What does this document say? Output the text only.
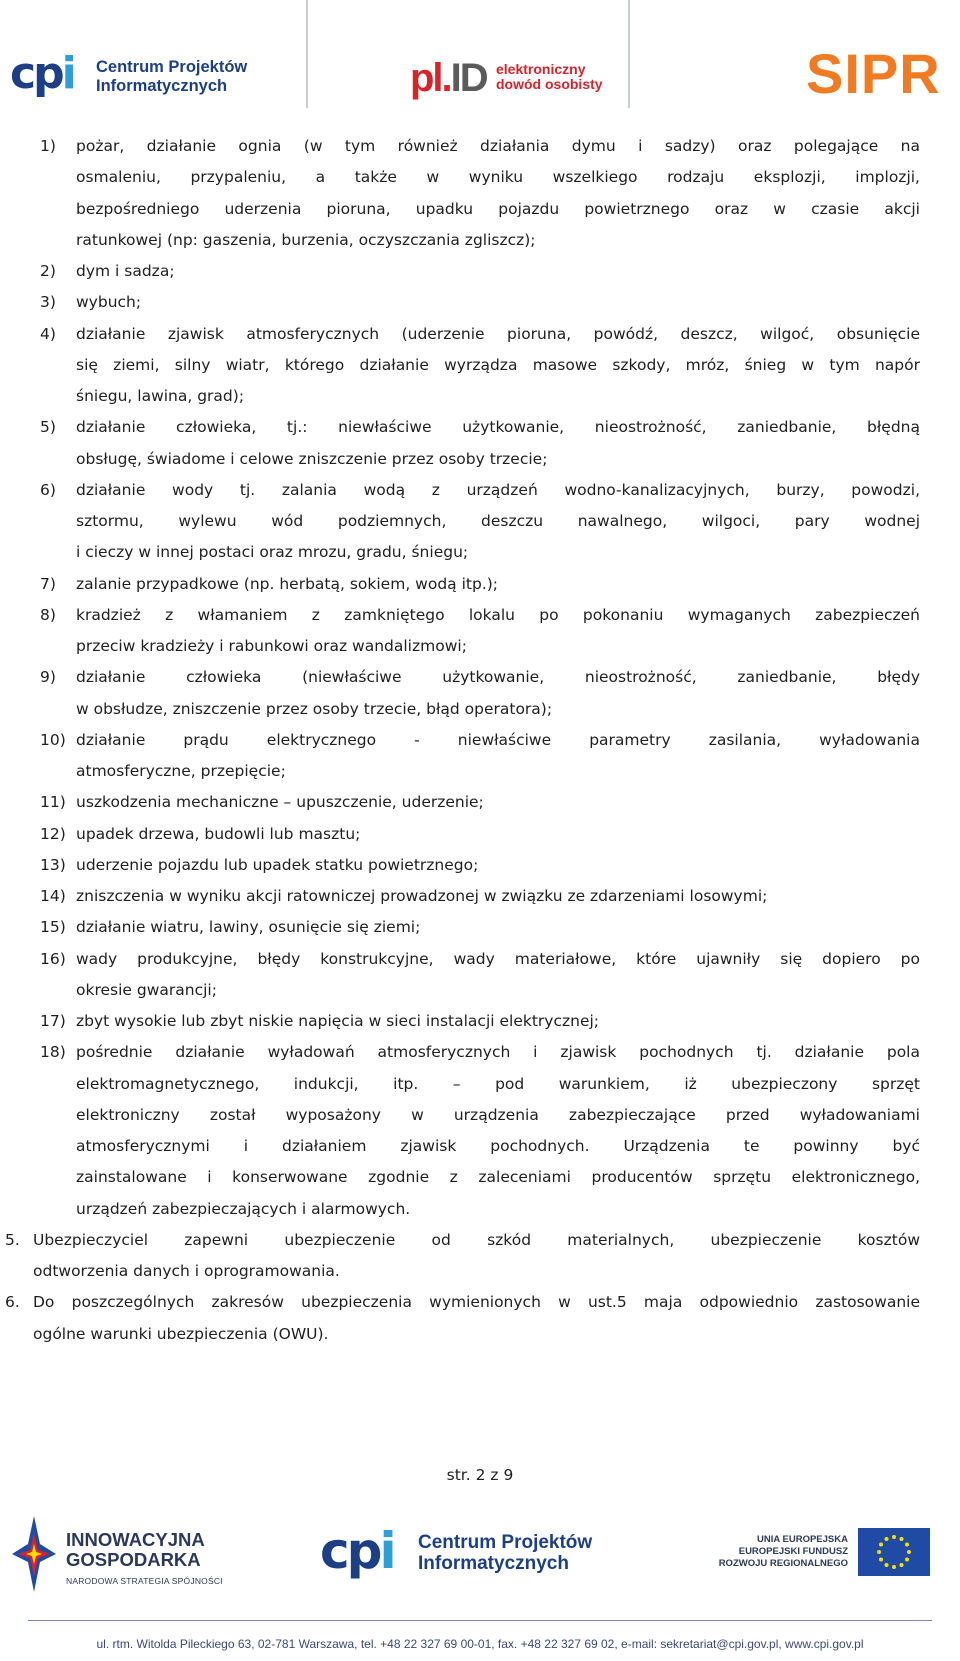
cpi Centrum Projektów Informatycznych	pl.ID elektroniczny dowód osobisty	SIPR
1) pożar, działanie ognia (w tym również działania dymu i sadzy) oraz polegające na
osmaleniu, przypaleniu, a także w wyniku wszelkiego rodzaju eksplozji, implozji,
bezpośredniego uderzenia pioruna, upadku pojazdu powietrznego oraz w czasie akcji
ratunkowej (np: gaszenia, burzenia, oczyszczania zgliszcz);
2) dym i sadza;
3) wybuch;
4) działanie zjawisk atmosferycznych (uderzenie pioruna, powódź, deszcz, wilgoć, obsunięcie
się ziemi, silny wiatr, którego działanie wyrządza masowe szkody, mróz, śnieg w tym napór
śniegu, lawina, grad);
5) działanie człowieka, tj.: niewłaściwe użytkowanie, nieostrożność, zaniedbanie, błędną
obsługę, świadome i celowe zniszczenie przez osoby trzecie;
6) działanie wody tj. zalania wodą z urządzeń wodno-kanalizacyjnych, burzy, powodzi,
sztormu, wylewu wód podziemnych, deszczu nawalnego, wilgoci, pary wodnej
i cieczy w innej postaci oraz mrozu, gradu, śniegu;
7) zalanie przypadkowe (np. herbatą, sokiem, wodą itp.);
8) kradzież z włamaniem z zamkniętego lokalu po pokonaniu wymaganych zabezpieczeń
przeciw kradzieży i rabunkowi oraz wandalizmowi;
9) działanie człowieka (niewłaściwe użytkowanie, nieostrożność, zaniedbanie, błędy
w obsłudze, zniszczenie przez osoby trzecie, błąd operatora);
10) działanie prądu elektrycznego - niewłaściwe parametry zasilania, wyładowania
atmosferyczne, przepięcie;
11) uszkodzenia mechaniczne – upuszczenie, uderzenie;
12) upadek drzewa, budowli lub masztu;
13) uderzenie pojazdu lub upadek statku powietrznego;
14) zniszczenia w wyniku akcji ratowniczej prowadzonej w związku ze zdarzeniami losowymi;
15) działanie wiatru, lawiny, osunięcie się ziemi;
16) wady produkcyjne, błędy konstrukcyjne, wady materiałowe, które ujawniły się dopiero po
okresie gwarancji;
17) zbyt wysokie lub zbyt niskie napięcia w sieci instalacji elektrycznej;
18) pośrednie działanie wyładowań atmosferycznych i zjawisk pochodnych tj. działanie pola
elektromagnetycznego, indukcji, itp. – pod warunkiem, iż ubezpieczony sprzęt
elektroniczny został wyposażony w urządzenia zabezpieczające przed wyładowaniami
atmosferycznymi i działaniem zjawisk pochodnych. Urządzenia te powinny być
zainstalowane i konserwowane zgodnie z zaleceniami producentów sprzętu elektronicznego,
urządzeń zabezpieczających i alarmowych.
5. Ubezpieczyciel zapewni ubezpieczenie od szkód materialnych, ubezpieczenie kosztów
odtworzenia danych i oprogramowania.
6. Do poszczególnych zakresów ubezpieczenia wymienionych w ust.5 maja odpowiednio zastosowanie
ogólne warunki ubezpieczenia (OWU).
str. 2 z 9
INNOWACYJNA GOSPODARKA
NARODOWA STRATEGIA SPÓJNOŚCI
cpi Centrum Projektów Informatycznych
UNIA EUROPEJSKA EUROPEJSKI FUNDUSZ ROZWOJU REGIONALNEGO
ul. rtm. Witolda Pileckiego 63, 02-781 Warszawa, tel. +48 22 327 69 00-01, fax. +48 22 327 69 02, e-mail: sekretariat@cpi.gov.pl, www.cpi.gov.pl
